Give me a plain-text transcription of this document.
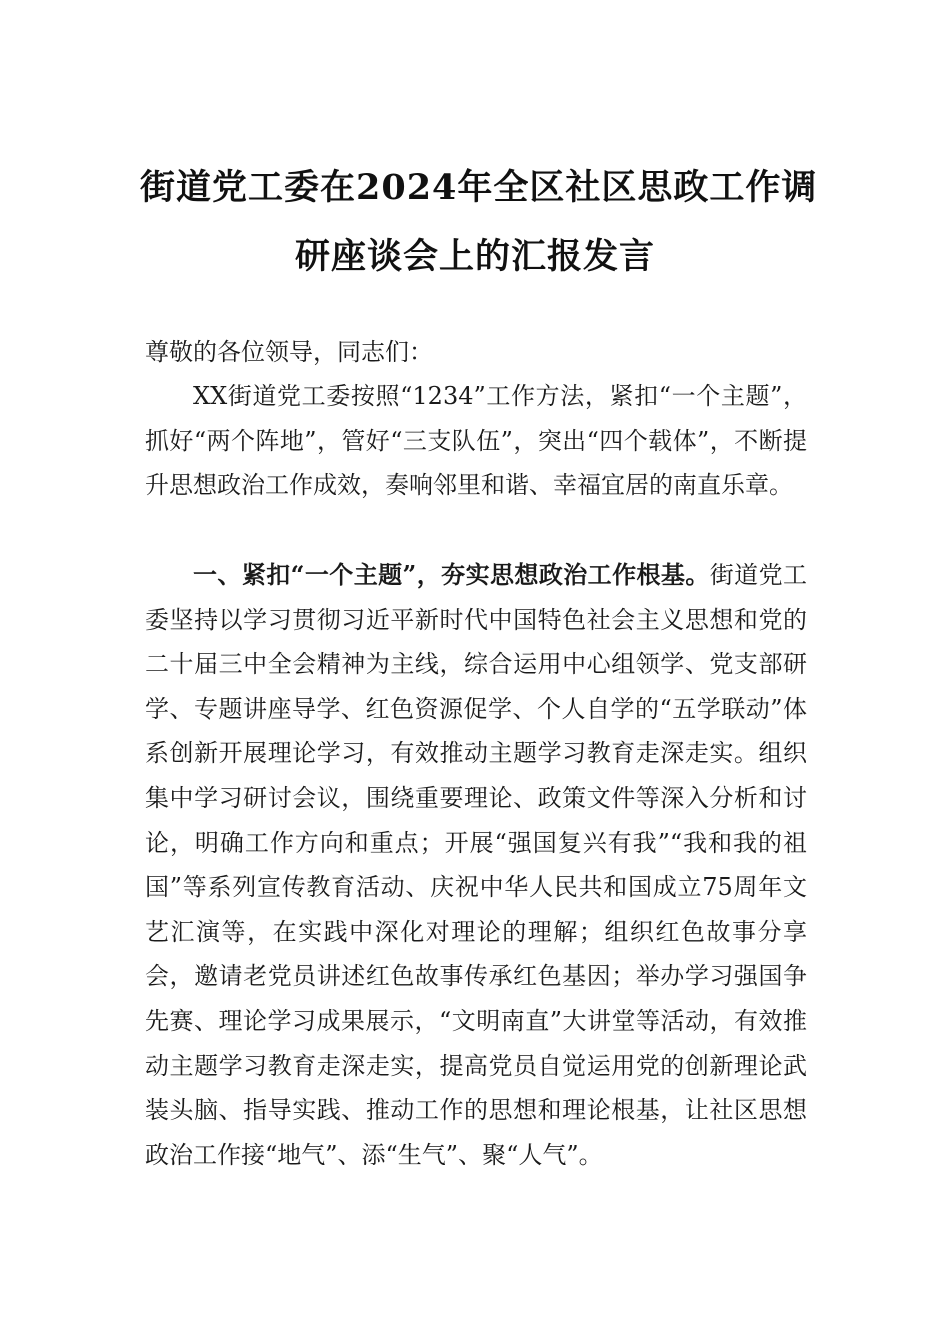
街道党工委在2024年全区社区思政工作调
研座谈会上的汇报发言
尊敬的各位领导，同志们：
XX街道党工委按照“1234”工作方法，紧扣“一个主题”，抓好“两个阵地”，管好“三支队伍”，突出“四个载体”，不断提升思想政治工作成效，奏响邻里和谐、幸福宜居的南直乐章。
一、紧扣“一个主题”，夯实思想政治工作根基。街道党工委坚持以学习贯彻习近平新时代中国特色社会主义思想和党的二十届三中全会精神为主线，综合运用中心组领学、党支部研学、专题讲座导学、红色资源促学、个人自学的“五学联动”体系创新开展理论学习，有效推动主题学习教育走深走实。组织集中学习研讨会议，围绕重要理论、政策文件等深入分析和讨论，明确工作方向和重点；开展“强国复兴有我”“我和我的祖国”等系列宣传教育活动、庆祝中华人民共和国成立75周年文艺汇演等，在实践中深化对理论的理解；组织红色故事分享会，邀请老党员讲述红色故事传承红色基因；举办学习强国争先赛、理论学习成果展示，“文明南直”大讲堂等活动，有效推动主题学习教育走深走实，提高党员自觉运用党的创新理论武装头脑、指导实践、推动工作的思想和理论根基，让社区思想政治工作接“地气”、添“生气”、聚“人气”。
